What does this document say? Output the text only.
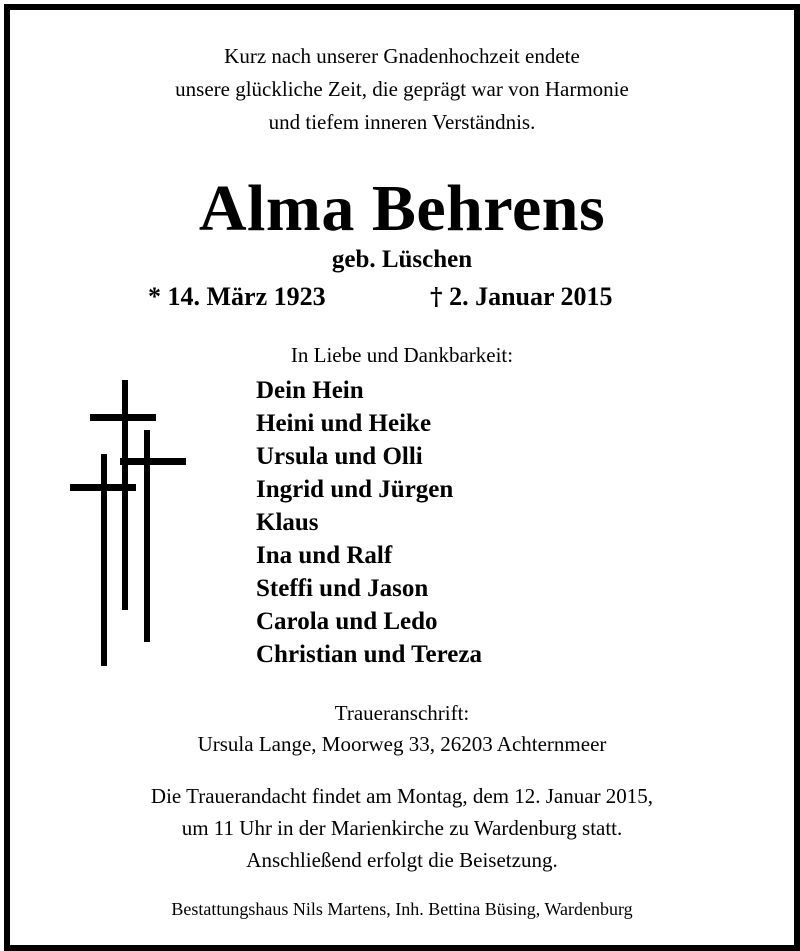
Kurz nach unserer Gnadenhochzeit endete
unsere glückliche Zeit, die geprägt war von Harmonie
und tiefem inneren Verständnis.
Alma Behrens
geb. Lüschen
* 14. März 1923	† 2. Januar 2015
In Liebe und Dankbarkeit:
Dein Hein
Heini und Heike
Ursula und Olli
Ingrid und Jürgen
Klaus
Ina und Ralf
Steffi und Jason
Carola und Ledo
Christian und Tereza
Traueranschrift:
Ursula Lange, Moorweg 33, 26203 Achternmeer
Die Trauerandacht findet am Montag, dem 12. Januar 2015,
um 11 Uhr in der Marienkirche zu Wardenburg statt.
Anschließend erfolgt die Beisetzung.
Bestattungshaus Nils Martens, Inh. Bettina Büsing, Wardenburg
